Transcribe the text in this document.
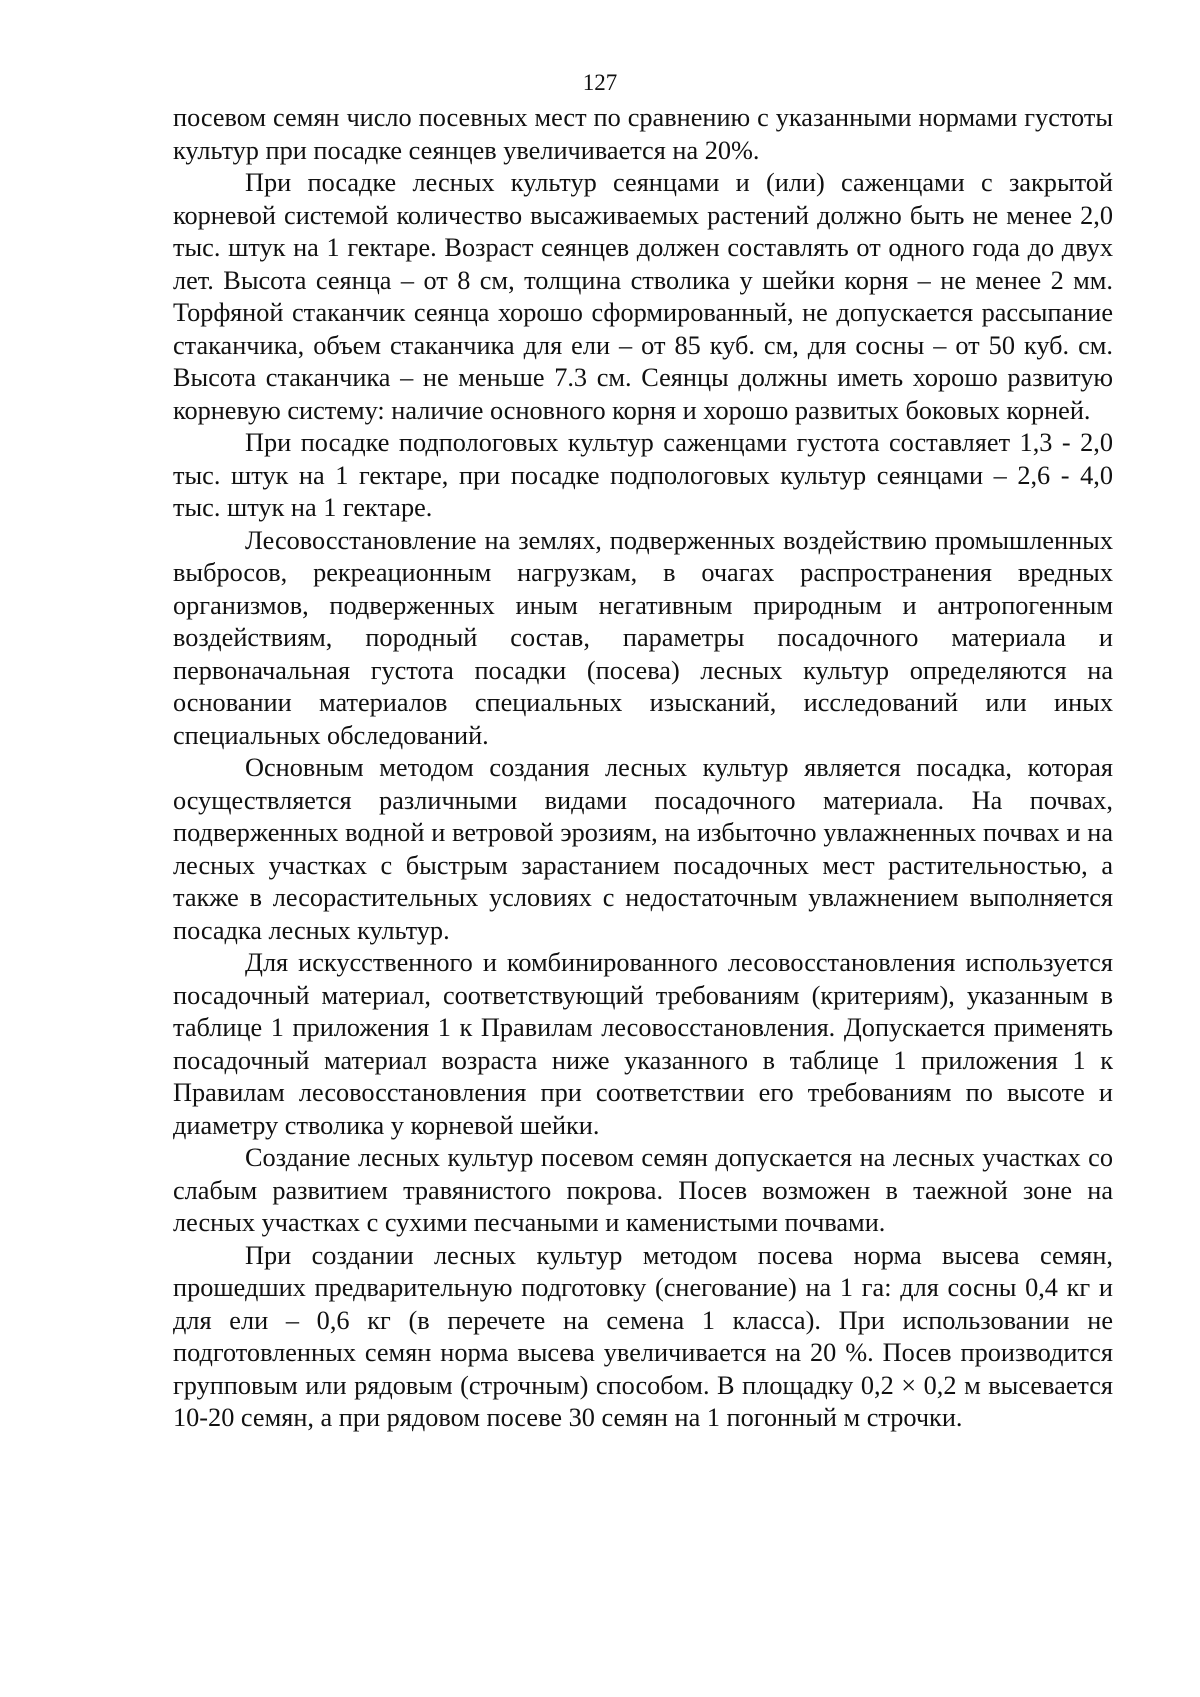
127

посевом семян число посевных мест по сравнению с указанными нормами густоты культур при посадке сеянцев увеличивается на 20%.

При посадке лесных культур сеянцами и (или) саженцами с закрытой корневой системой количество высаживаемых растений должно быть не менее 2,0 тыс. штук на 1 гектаре. Возраст сеянцев должен составлять от одного года до двух лет. Высота сеянца – от 8 см, толщина стволика у шейки корня – не менее 2 мм. Торфяной стаканчик сеянца хорошо сформированный, не допускается рассыпание стаканчика, объем стаканчика для ели – от 85 куб. см, для сосны – от 50 куб. см. Высота стаканчика – не меньше 7.3 см. Сеянцы должны иметь хорошо развитую корневую систему: наличие основного корня и хорошо развитых боковых корней.

При посадке подпологовых культур саженцами густота составляет 1,3 - 2,0 тыс. штук на 1 гектаре, при посадке подпологовых культур сеянцами – 2,6 - 4,0 тыс. штук на 1 гектаре.

Лесовосстановление на землях, подверженных воздействию промышленных выбросов, рекреационным нагрузкам, в очагах распространения вредных организмов, подверженных иным негативным природным и антропогенным воздействиям, породный состав, параметры посадочного материала и первоначальная густота посадки (посева) лесных культур определяются на основании материалов специальных изысканий, исследований или иных специальных обследований.

Основным методом создания лесных культур является посадка, которая осуществляется различными видами посадочного материала. На почвах, подверженных водной и ветровой эрозиям, на избыточно увлажненных почвах и на лесных участках с быстрым зарастанием посадочных мест растительностью, а также в лесорастительных условиях с недостаточным увлажнением выполняется посадка лесных культур.

Для искусственного и комбинированного лесовосстановления используется посадочный материал, соответствующий требованиям (критериям), указанным в таблице 1 приложения 1 к Правилам лесовосстановления. Допускается применять посадочный материал возраста ниже указанного в таблице 1 приложения 1 к Правилам лесовосстановления при соответствии его требованиям по высоте и диаметру стволика у корневой шейки.

Создание лесных культур посевом семян допускается на лесных участках со слабым развитием травянистого покрова. Посев возможен в таежной зоне на лесных участках с сухими песчаными и каменистыми почвами.

При создании лесных культур методом посева норма высева семян, прошедших предварительную подготовку (снегование) на 1 га: для сосны 0,4 кг и для ели – 0,6 кг (в перечете на семена 1 класса). При использовании не подготовленных семян норма высева увеличивается на 20 %. Посев производится групповым или рядовым (строчным) способом. В площадку 0,2 × 0,2 м высевается 10-20 семян, а при рядовом посеве 30 семян на 1 погонный м строчки.
